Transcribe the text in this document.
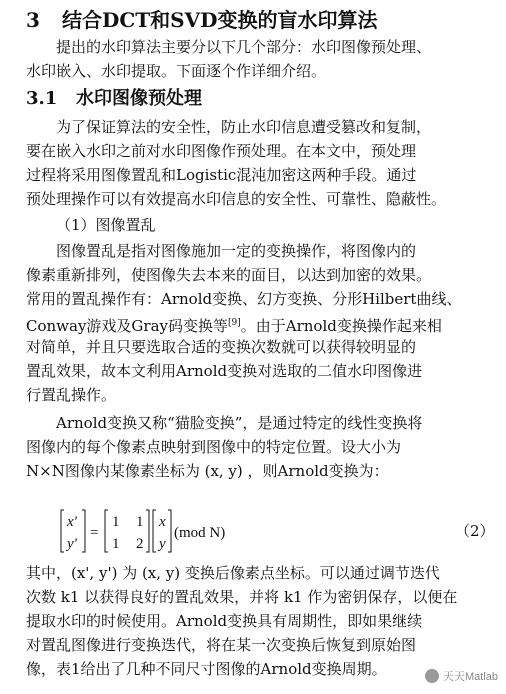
3 结合DCT和SVD变换的盲水印算法
提出的水印算法主要分以下几个部分：水印图像预处理、
水印嵌入、水印提取。下面逐个作详细介绍。
3.1 水印图像预处理
为了保证算法的安全性，防止水印信息遭受篡改和复制，
要在嵌入水印之前对水印图像作预处理。在本文中，预处理
过程将采用图像置乱和Logistic混沌加密这两种手段。通过
预处理操作可以有效提高水印信息的安全性、可靠性、隐蔽性。
（1）图像置乱
图像置乱是指对图像施加一定的变换操作，将图像内的
像素重新排列，使图像失去本来的面目，以达到加密的效果。
常用的置乱操作有：Arnold变换、幻方变换、分形Hilbert曲线、
Conway游戏及Gray码变换等[9]。由于Arnold变换操作起来相
对简单，并且只要选取合适的变换次数就可以获得较明显的
置乱效果，故本文利用Arnold变换对选取的二值水印图像进
行置乱操作。
Arnold变换又称“猫脸变换”，是通过特定的线性变换将
图像内的每个像素点映射到图像中的特定位置。设大小为
N×N图像内某像素坐标为 (x, y) ，则Arnold变换为：
x'
y'
=
1 1
1 2
x
y
(mod N)	（2）
其中，(x', y') 为 (x, y) 变换后像素点坐标。可以通过调节迭代
次数 k1 以获得良好的置乱效果，并将 k1 作为密钥保存，以便在
提取水印的时候使用。Arnold变换具有周期性，即如果继续
对置乱图像进行变换迭代，将在某一次变换后恢复到原始图
像，表1给出了几种不同尺寸图像的Arnold变换周期。	天天Matlab
